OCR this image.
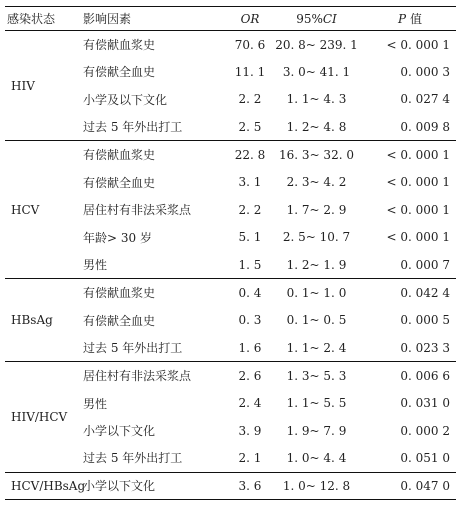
感染状态	影响因素	OR	95%CI	P 值
HIV	有偿献血浆史	70. 6	20. 8~ 239. 1	< 0. 000 1
	有偿献全血史	11. 1	3. 0~ 41. 1	0. 000 3
	小学及以下文化	2. 2	1. 1~ 4. 3	0. 027 4
	过去 5 年外出打工	2. 5	1. 2~ 4. 8	0. 009 8
HCV	有偿献血浆史	22. 8	16. 3~ 32. 0	< 0. 000 1
	有偿献全血史	3. 1	2. 3~ 4. 2	< 0. 000 1
	居住村有非法采浆点	2. 2	1. 7~ 2. 9	< 0. 000 1
	年龄> 30 岁	5. 1	2. 5~ 10. 7	< 0. 000 1
	男性	1. 5	1. 2~ 1. 9	0. 000 7
HBsAg	有偿献血浆史	0. 4	0. 1~ 1. 0	0. 042 4
	有偿献全血史	0. 3	0. 1~ 0. 5	0. 000 5
	过去 5 年外出打工	1. 6	1. 1~ 2. 4	0. 023 3
HIV/HCV	居住村有非法采浆点	2. 6	1. 3~ 5. 3	0. 006 6
	男性	2. 4	1. 1~ 5. 5	0. 031 0
	小学以下文化	3. 9	1. 9~ 7. 9	0. 000 2
	过去 5 年外出打工	2. 1	1. 0~ 4. 4	0. 051 0
HCV/HBsAg	小学以下文化	3. 6	1. 0~ 12. 8	0. 047 0
